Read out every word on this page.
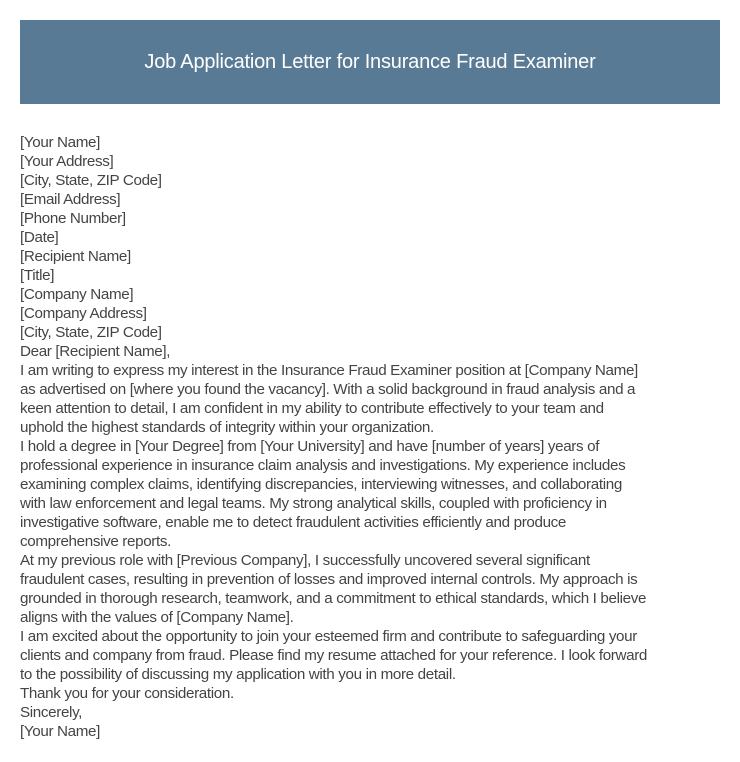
Job Application Letter for Insurance Fraud Examiner
[Your Name]
[Your Address]
[City, State, ZIP Code]
[Email Address]
[Phone Number]
[Date]
[Recipient Name]
[Title]
[Company Name]
[Company Address]
[City, State, ZIP Code]
Dear [Recipient Name],
I am writing to express my interest in the Insurance Fraud Examiner position at [Company Name]
as advertised on [where you found the vacancy]. With a solid background in fraud analysis and a
keen attention to detail, I am confident in my ability to contribute effectively to your team and
uphold the highest standards of integrity within your organization.
I hold a degree in [Your Degree] from [Your University] and have [number of years] years of
professional experience in insurance claim analysis and investigations. My experience includes
examining complex claims, identifying discrepancies, interviewing witnesses, and collaborating
with law enforcement and legal teams. My strong analytical skills, coupled with proficiency in
investigative software, enable me to detect fraudulent activities efficiently and produce
comprehensive reports.
At my previous role with [Previous Company], I successfully uncovered several significant
fraudulent cases, resulting in prevention of losses and improved internal controls. My approach is
grounded in thorough research, teamwork, and a commitment to ethical standards, which I believe
aligns with the values of [Company Name].
I am excited about the opportunity to join your esteemed firm and contribute to safeguarding your
clients and company from fraud. Please find my resume attached for your reference. I look forward
to the possibility of discussing my application with you in more detail.
Thank you for your consideration.
Sincerely,
[Your Name]
